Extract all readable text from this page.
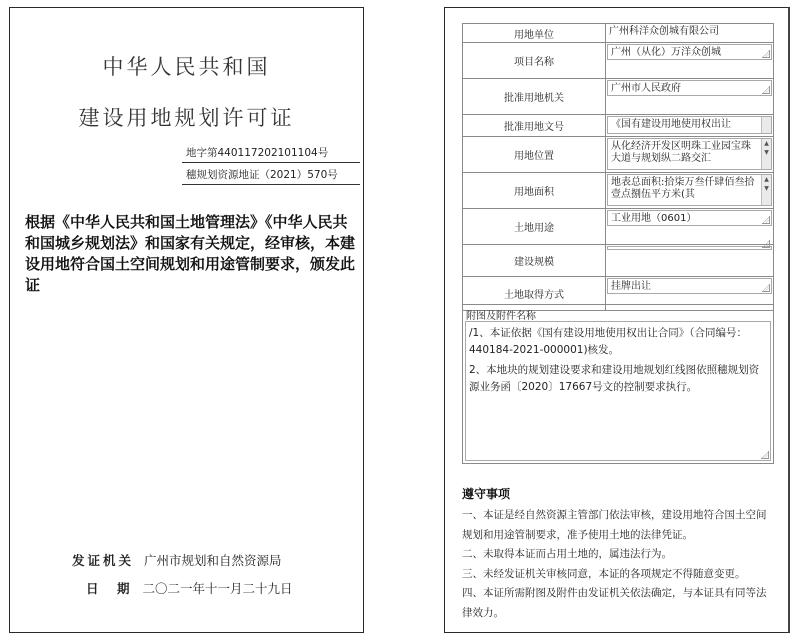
中华人民共和国
建设用地规划许可证
地字第440117202101104号
穗规划资源地证（2021）570号
根据《中华人民共和国土地管理法》《中华人民共和国城乡规划法》和国家有关规定，经审核，本建设用地符合国土空间规划和用途管制要求，颁发此证
发证机关 广州市规划和自然资源局
日　期 二〇二一年十一月二十九日
用地单位	广州科洋众创城有限公司

项目名称	广州（从化）万洋众创城

批准用地机关	广州市人民政府

批准用地文号	《国有建设用地使用权出让

用地位置	从化经济开发区明珠工业园宝珠大道与规划纵二路交汇
▲
▼

用地面积	地表总面积:拾柒万叁仟肆佰叁拾壹点捌伍平方米(其
▲
▼

土地用途	工业用地（0601）

建设规模	

土地取得方式	挂牌出让
附图及附件名称
/1、本证依据《国有建设用地使用权出让合同》（合同编号：440184-2021-000001)核发。
2、本地块的规划建设要求和建设用地规划红线图依照穗规划资源业务函〔2020〕17667号文的控制要求执行。
遵守事项
一、本证是经自然资源主管部门依法审核，建设用地符合国土空间规划和用途管制要求，准予使用土地的法律凭证。
二、未取得本证而占用土地的，属违法行为。
三、未经发证机关审核同意，本证的各项规定不得随意变更。
四、本证所需附图及附件由发证机关依法确定，与本证具有同等法律效力。
